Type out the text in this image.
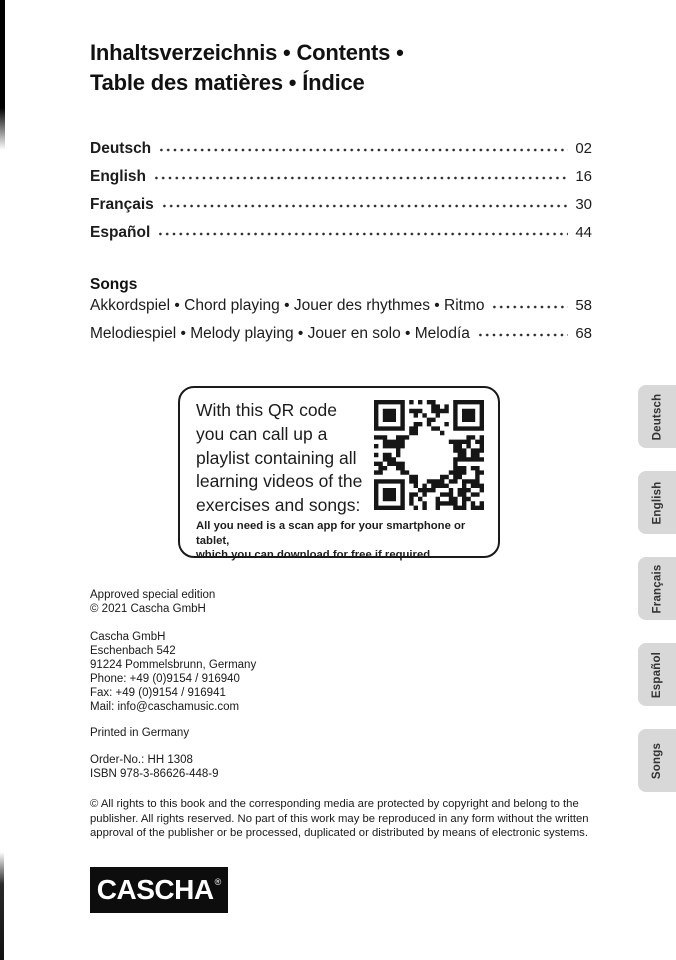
Inhaltsverzeichnis • Contents •
Table des matières • Índice
Deutsch	02
English	16
Français	30
Español	44
Songs
Akkordspiel • Chord playing • Jouer des rhythmes • Ritmo	58
Melodiespiel • Melody playing • Jouer en solo • Melodía	68
With this QR code you can call up a playlist containing all learning videos of the exercises and songs:
All you need is a scan app for your smartphone or tablet,
which you can download for free if required.
Approved special edition
© 2021 Cascha GmbH
Cascha GmbH
Eschenbach 542
91224 Pommelsbrunn, Germany
Phone: +49 (0)9154 / 916940
Fax: +49 (0)9154 / 916941
Mail: info@caschamusic.com
Printed in Germany
Order-No.: HH 1308
ISBN 978-3-86626-448-9
© All rights to this book and the corresponding media are protected by copyright and belong to the publisher. All rights reserved. No part of this work may be reproduced in any form without the written approval of the publisher or be processed, duplicated or distributed by means of electronic systems.
Deutsch
English
Français
Español
Songs
CASCHA ®
